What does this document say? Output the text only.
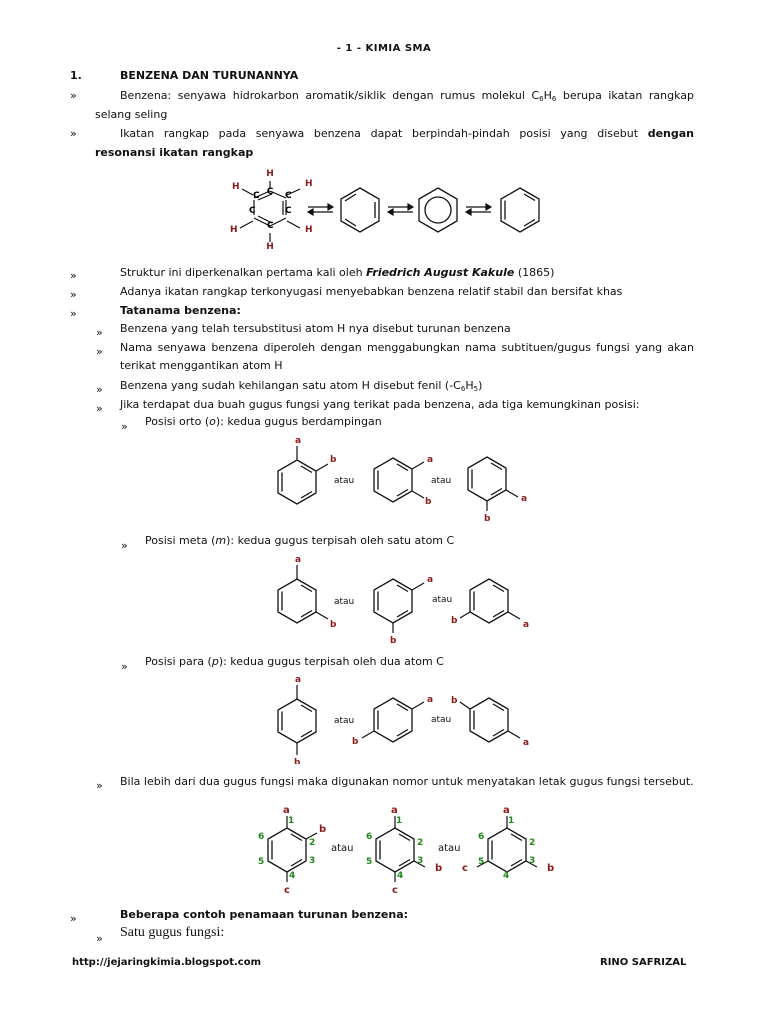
- 1 - KIMIA SMA
1.	BENZENA DAN TURUNANNYA
»	Benzena: senyawa hidrokarbon aromatik/siklik dengan rumus molekul $C_6H_6$ berupa ikatan rangkap selang seling
»	Ikatan rangkap pada senyawa benzena dapat berpindah-pindah posisi yang disebut dengan resonansi ikatan rangkap
H
C
H
C
H
C
C	C
C
H	H
H
»	Struktur ini diperkenalkan pertama kali oleh Friedrich August Kakule (1865)
»	Adanya ikatan rangkap terkonyugasi menyebabkan benzena relatif stabil dan bersifat khas
»	Tatanama benzena:
» Benzena yang telah tersubstitusi atom H nya disebut turunan benzena
» Nama senyawa benzena diperoleh dengan menggabungkan nama subtituen/gugus fungsi yang akan terikat menggantikan atom H
» Benzena yang sudah kehilangan satu atom H disebut fenil $(-C_6H_5)$
» Jika terdapat dua buah gugus fungsi yang terikat pada benzena, ada tiga kemungkinan posisi:
» Posisi orto (o): kedua gugus berdampingan
a
b
atau
a
b
atau
a
b
» Posisi meta (m): kedua gugus terpisah oleh satu atom C
a
b
atau
a
b
atau
b	a
» Posisi para (p): kedua gugus terpisah oleh dua atom C
a
b
atau
a
b
atau
b
a
» Bila lebih dari dua gugus fungsi maka digunakan nomor untuk menyatakan letak gugus fungsi tersebut.
a
b
c
1
2
3
4
5
6
atau
a
b
c
1
2
3
4
5
6
atau
a
b
c
1
2
3
4
5
6
»	Beberapa contoh penamaan turunan benzena:
» Satu gugus fungsi:
http://jejaringkimia.blogspot.com	RINO SAFRIZAL
